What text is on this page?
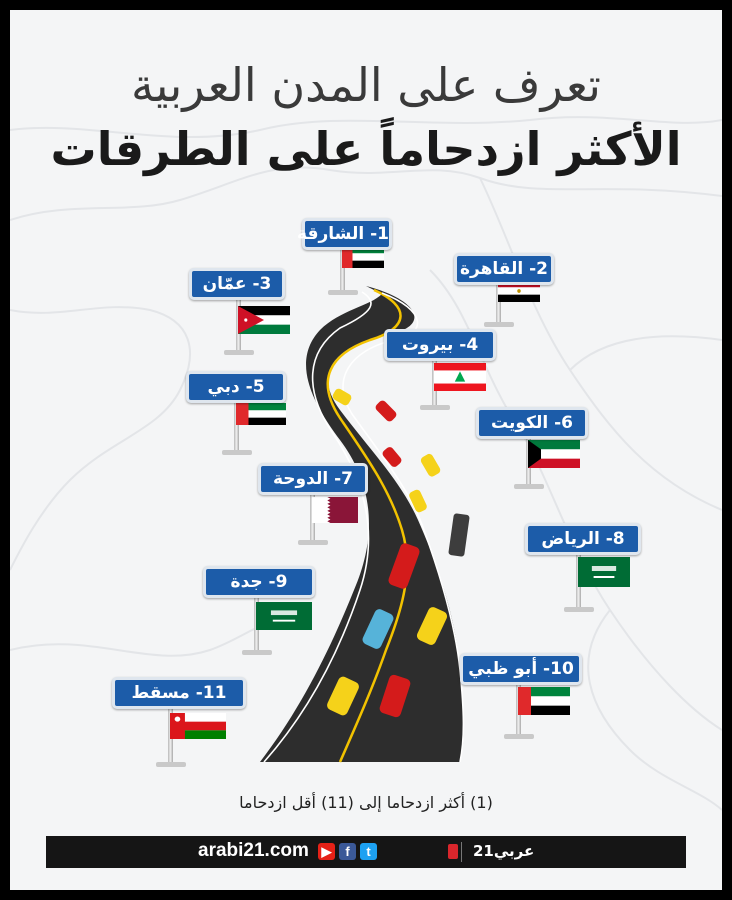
تعرف على المدن العربية
الأكثر ازدحاماً على الطرقات
1- الشارقة
2- القاهرة
3- عمّان
4- بيروت
5- دبي
6- الكويت
7- الدوحة
8- الرياض
9- جدة
10- أبو ظبي
11- مسقط
(1) أكثر ازدحاما إلى (11) أقل ازدحاما
arabi21.com ▶	f	t	عربي21
